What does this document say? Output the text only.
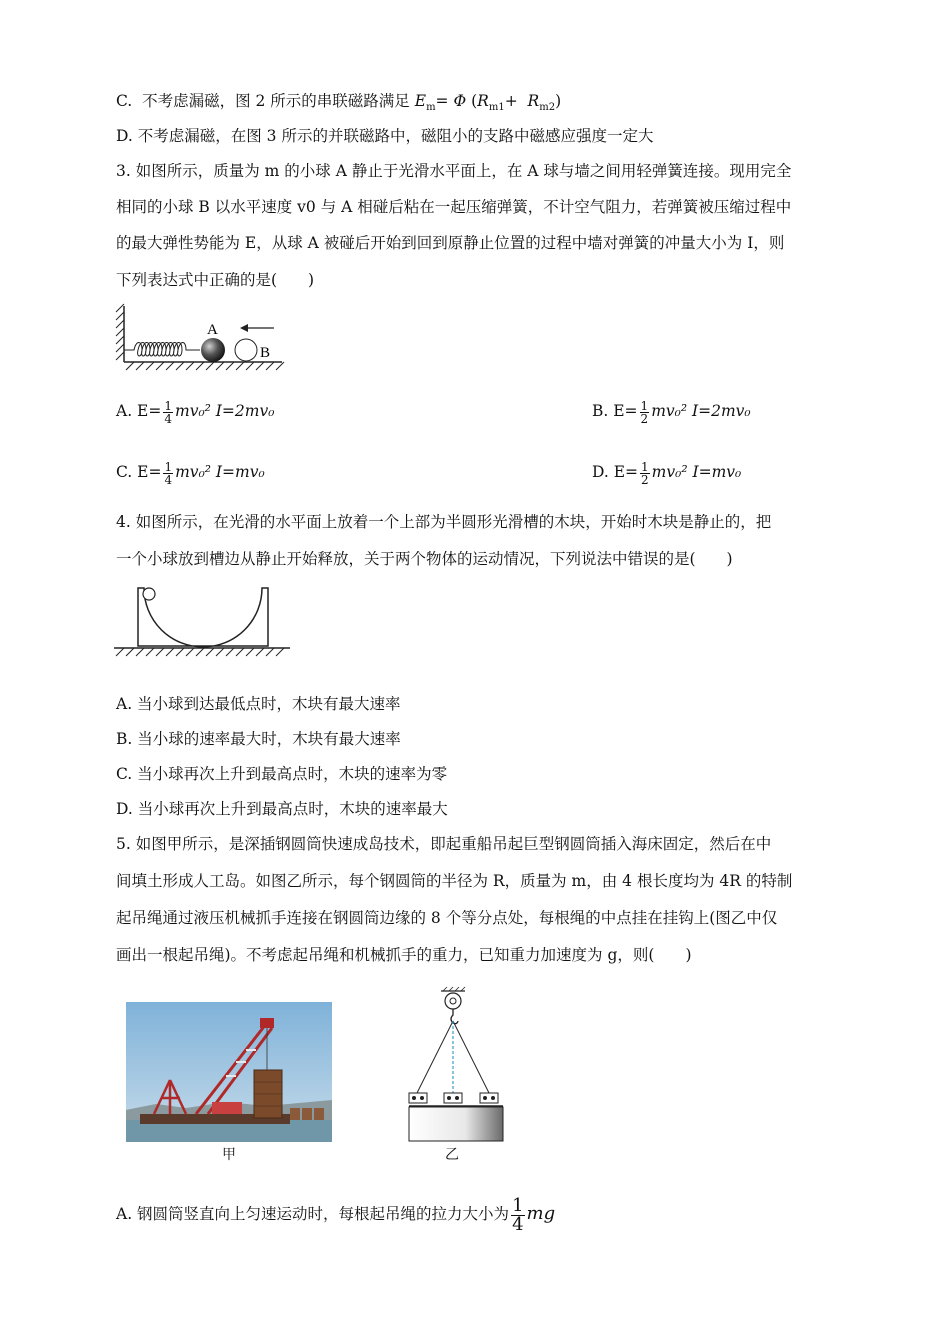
C.  不考虑漏磁，图 2 所示的串联磁路满足 $E_m= \Phi$ $(R_{m1}+ R_{m2})$
D. 不考虑漏磁，在图 3 所示的并联磁路中，磁阻小的支路中磁感应强度一定大
3. 如图所示，质量为 m 的小球 A 静止于光滑水平面上，在 A 球与墙之间用轻弹簧连接。现用完全
相同的小球 B 以水平速度 v0 与 A 相碰后粘在一起压缩弹簧，不计空气阻力，若弹簧被压缩过程中
的最大弹性势能为 E，从球 A 被碰后开始到回到原静止位置的过程中墙对弹簧的冲量大小为 I，则
下列表达式中正确的是(　　)
A
B
A. $E= \frac{1}{4} mv_0^2$ I=2mv₀	B. $E= \frac{1}{2} mv_0^2$ I=2mv₀
C. $E= \frac{1}{4} mv_0^2$ I=mv₀	D. $E= \frac{1}{2} mv_0^2$ I=mv₀
4. 如图所示，在光滑的水平面上放着一个上部为半圆形光滑槽的木块，开始时木块是静止的，把
一个小球放到槽边从静止开始释放，关于两个物体的运动情况，下列说法中错误的是(　　)
A. 当小球到达最低点时，木块有最大速率
B. 当小球的速率最大时，木块有最大速率
C. 当小球再次上升到最高点时，木块的速率为零
D. 当小球再次上升到最高点时，木块的速率最大
5. 如图甲所示，是深插钢圆筒快速成岛技术，即起重船吊起巨型钢圆筒插入海床固定，然后在中
间填土形成人工岛。如图乙所示，每个钢圆筒的半径为 R，质量为 m，由 4 根长度均为 4R 的特制
起吊绳通过液压机械抓手连接在钢圆筒边缘的 8 个等分点处，每根绳的中点挂在挂钩上(图乙中仅
画出一根起吊绳)。不考虑起吊绳和机械抓手的重力，已知重力加速度为 g，则(　　)
甲	乙
A. 钢圆筒竖直向上匀速运动时，每根起吊绳的拉力大小为 $\frac{1}{4}$ mg
